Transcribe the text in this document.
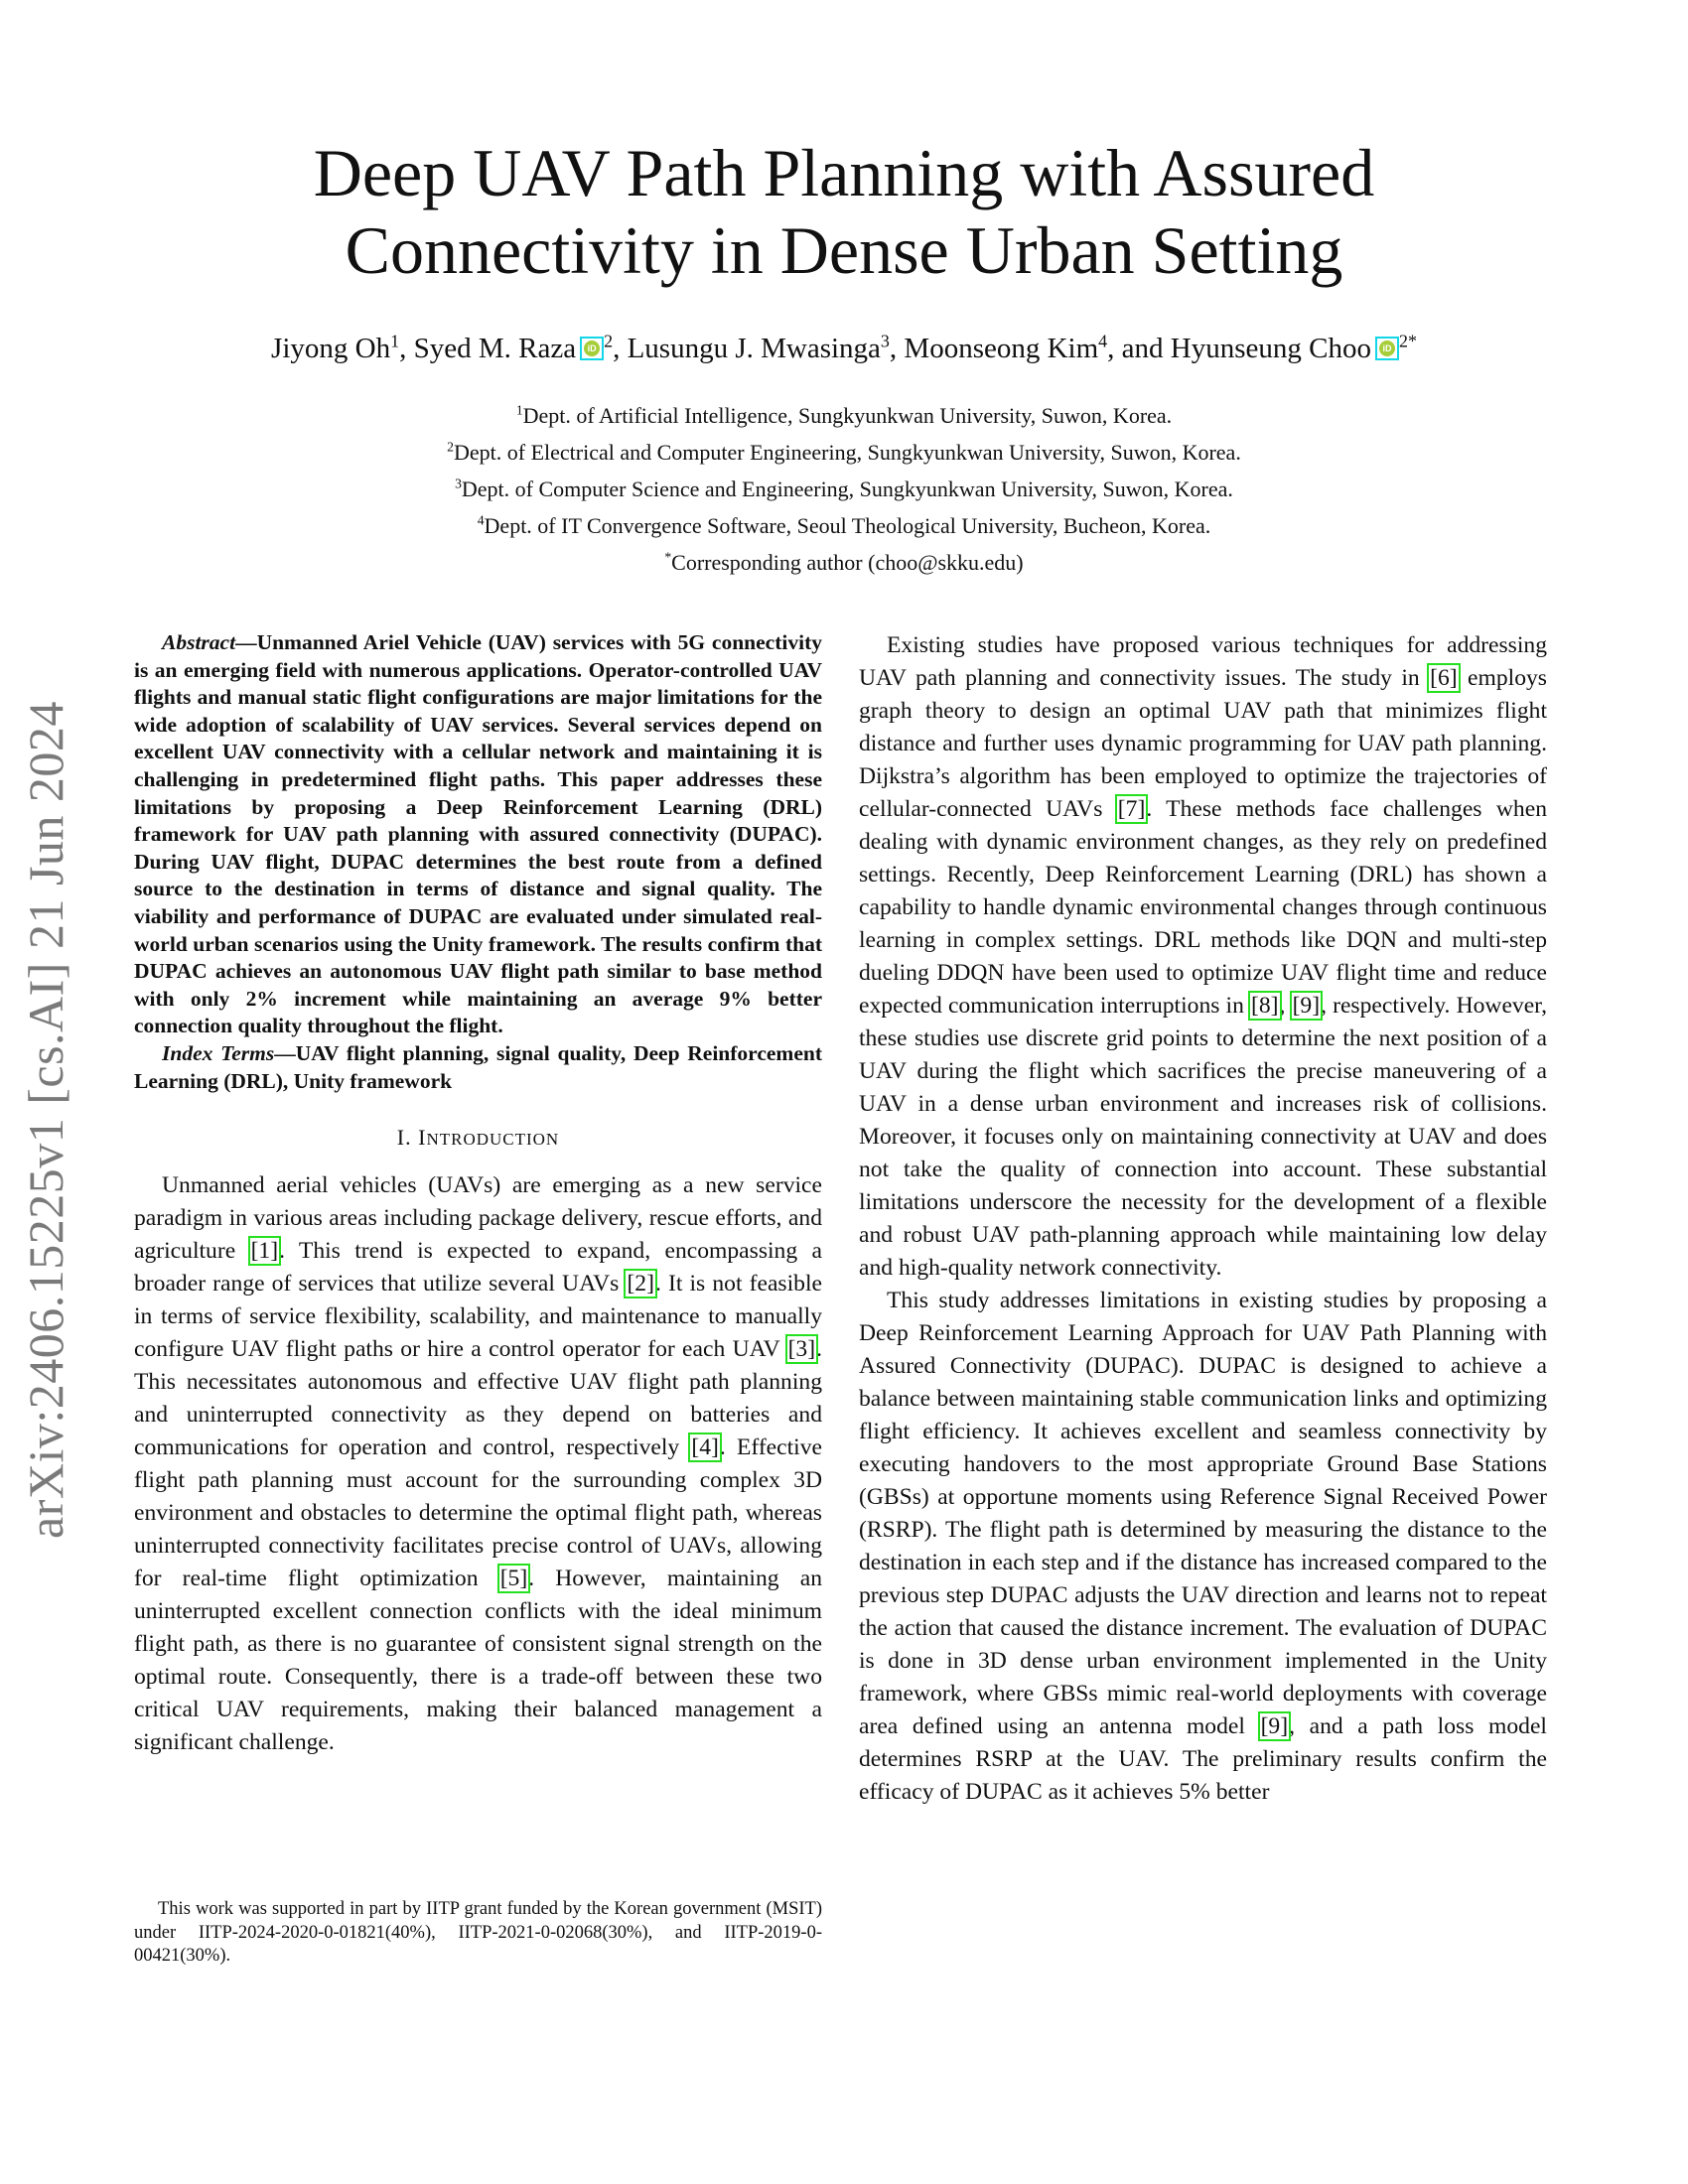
arXiv:2406.15225v1 [cs.AI] 21 Jun 2024
Deep UAV Path Planning with Assured
Connectivity in Dense Urban Setting
Jiyong Oh$^1$, Syed M. Raza iD $^2$, Lusungu J. Mwasinga$^3$, Moonseong Kim$^4$, and Hyunseung Choo iD $^{2*}$
$^1$Dept. of Artificial Intelligence, Sungkyunkwan University, Suwon, Korea.
$^2$Dept. of Electrical and Computer Engineering, Sungkyunkwan University, Suwon, Korea.
$^3$Dept. of Computer Science and Engineering, Sungkyunkwan University, Suwon, Korea.
$^4$Dept. of IT Convergence Software, Seoul Theological University, Bucheon, Korea.
*Corresponding author (choo@skku.edu)

Abstract—Unmanned Ariel Vehicle (UAV) services with 5G connectivity is an emerging field with numerous applications. Operator-controlled UAV flights and manual static flight configurations are major limitations for the wide adoption of scalability of UAV services. Several services depend on excellent UAV connectivity with a cellular network and maintaining it is challenging in predetermined flight paths. This paper addresses these limitations by proposing a Deep Reinforcement Learning (DRL) framework for UAV path planning with assured connectivity (DUPAC). During UAV flight, DUPAC determines the best route from a defined source to the destination in terms of distance and signal quality. The viability and performance of DUPAC are evaluated under simulated real-world urban scenarios using the Unity framework. The results confirm that DUPAC achieves an autonomous UAV flight path similar to base method with only 2% increment while maintaining an average 9% better connection quality throughout the flight.

Index Terms—UAV flight planning, signal quality, Deep Reinforcement Learning (DRL), Unity framework

I. INTRODUCTION

Unmanned aerial vehicles (UAVs) are emerging as a new service paradigm in various areas including package delivery, rescue efforts, and agriculture [1]. This trend is expected to expand, encompassing a broader range of services that utilize several UAVs [2]. It is not feasible in terms of service flexibility, scalability, and maintenance to manually configure UAV flight paths or hire a control operator for each UAV [3]. This necessitates autonomous and effective UAV flight path planning and uninterrupted connectivity as they depend on batteries and communications for operation and control, respectively [4]. Effective flight path planning must account for the surrounding complex 3D environment and obstacles to determine the optimal flight path, whereas uninterrupted connectivity facilitates precise control of UAVs, allowing for real-time flight optimization [5]. However, maintaining an uninterrupted excellent connection conflicts with the ideal minimum flight path, as there is no guarantee of consistent signal strength on the optimal route. Consequently, there is a trade-off between these two critical UAV requirements, making their balanced management a significant challenge.

This work was supported in part by IITP grant funded by the Korean government (MSIT) under IITP-2024-2020-0-01821(40%), IITP-2021-0-02068(30%), and IITP-2019-0-00421(30%).

Existing studies have proposed various techniques for addressing UAV path planning and connectivity issues. The study in [6] employs graph theory to design an optimal UAV path that minimizes flight distance and further uses dynamic programming for UAV path planning. Dijkstra’s algorithm has been employed to optimize the trajectories of cellular-connected UAVs [7]. These methods face challenges when dealing with dynamic environment changes, as they rely on predefined settings. Recently, Deep Reinforcement Learning (DRL) has shown a capability to handle dynamic environmental changes through continuous learning in complex settings. DRL methods like DQN and multi-step dueling DDQN have been used to optimize UAV flight time and reduce expected communication interruptions in [8], [9], respectively. However, these studies use discrete grid points to determine the next position of a UAV during the flight which sacrifices the precise maneuvering of a UAV in a dense urban environment and increases risk of collisions. Moreover, it focuses only on maintaining connectivity at UAV and does not take the quality of connection into account. These substantial limitations underscore the necessity for the development of a flexible and robust UAV path-planning approach while maintaining low delay and high-quality network connectivity.

This study addresses limitations in existing studies by proposing a Deep Reinforcement Learning Approach for UAV Path Planning with Assured Connectivity (DUPAC). DUPAC is designed to achieve a balance between maintaining stable communication links and optimizing flight efficiency. It achieves excellent and seamless connectivity by executing handovers to the most appropriate Ground Base Stations (GBSs) at opportune moments using Reference Signal Received Power (RSRP). The flight path is determined by measuring the distance to the destination in each step and if the distance has increased compared to the previous step DUPAC adjusts the UAV direction and learns not to repeat the action that caused the distance increment. The evaluation of DUPAC is done in 3D dense urban environment implemented in the Unity framework, where GBSs mimic real-world deployments with coverage area defined using an antenna model [9], and a path loss model determines RSRP at the UAV. The preliminary results confirm the efficacy of DUPAC as it achieves 5% better
